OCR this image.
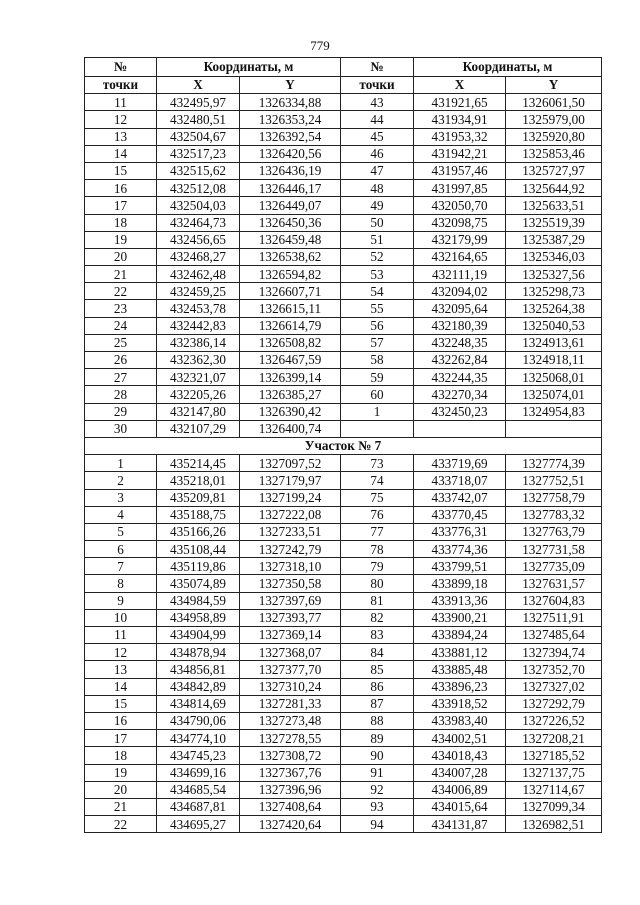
779
№	Координаты, м		№	Координаты, м	
точки	X	Y	точки	X	Y
11	432495,97	1326334,88	43	431921,65	1326061,50
12	432480,51	1326353,24	44	431934,91	1325979,00
13	432504,67	1326392,54	45	431953,32	1325920,80
14	432517,23	1326420,56	46	431942,21	1325853,46
15	432515,62	1326436,19	47	431957,46	1325727,97
16	432512,08	1326446,17	48	431997,85	1325644,92
17	432504,03	1326449,07	49	432050,70	1325633,51
18	432464,73	1326450,36	50	432098,75	1325519,39
19	432456,65	1326459,48	51	432179,99	1325387,29
20	432468,27	1326538,62	52	432164,65	1325346,03
21	432462,48	1326594,82	53	432111,19	1325327,56
22	432459,25	1326607,71	54	432094,02	1325298,73
23	432453,78	1326615,11	55	432095,64	1325264,38
24	432442,83	1326614,79	56	432180,39	1325040,53
25	432386,14	1326508,82	57	432248,35	1324913,61
26	432362,30	1326467,59	58	432262,84	1324918,11
27	432321,07	1326399,14	59	432244,35	1325068,01
28	432205,26	1326385,27	60	432270,34	1325074,01
29	432147,80	1326390,42	1	432450,23	1324954,83
30	432107,29	1326400,74			
Участок № 7					
1	435214,45	1327097,52	73	433719,69	1327774,39
2	435218,01	1327179,97	74	433718,07	1327752,51
3	435209,81	1327199,24	75	433742,07	1327758,79
4	435188,75	1327222,08	76	433770,45	1327783,32
5	435166,26	1327233,51	77	433776,31	1327763,79
6	435108,44	1327242,79	78	433774,36	1327731,58
7	435119,86	1327318,10	79	433799,51	1327735,09
8	435074,89	1327350,58	80	433899,18	1327631,57
9	434984,59	1327397,69	81	433913,36	1327604,83
10	434958,89	1327393,77	82	433900,21	1327511,91
11	434904,99	1327369,14	83	433894,24	1327485,64
12	434878,94	1327368,07	84	433881,12	1327394,74
13	434856,81	1327377,70	85	433885,48	1327352,70
14	434842,89	1327310,24	86	433896,23	1327327,02
15	434814,69	1327281,33	87	433918,52	1327292,79
16	434790,06	1327273,48	88	433983,40	1327226,52
17	434774,10	1327278,55	89	434002,51	1327208,21
18	434745,23	1327308,72	90	434018,43	1327185,52
19	434699,16	1327367,76	91	434007,28	1327137,75
20	434685,54	1327396,96	92	434006,89	1327114,67
21	434687,81	1327408,64	93	434015,64	1327099,34
22	434695,27	1327420,64	94	434131,87	1326982,51
